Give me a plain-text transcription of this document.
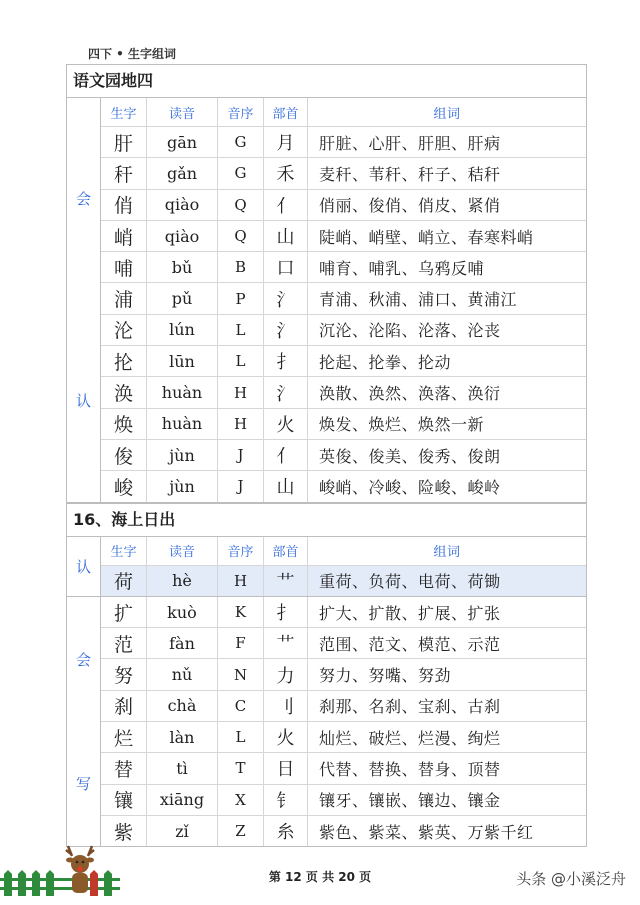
四下 • 生字组词
语文园地四
会
认
生字	读音	音序	部首	组词
肝	gān	G	月	肝脏、心肝、肝胆、肝病
秆	gǎn	G	禾	麦秆、苇秆、秆子、秸秆
俏	qiào	Q	亻	俏丽、俊俏、俏皮、紧俏
峭	qiào	Q	山	陡峭、峭壁、峭立、春寒料峭
哺	bǔ	B	口	哺育、哺乳、乌鸦反哺
浦	pǔ	P	氵	青浦、秋浦、浦口、黄浦江
沦	lún	L	氵	沉沦、沦陷、沦落、沦丧
抡	lūn	L	扌	抡起、抡拳、抡动
涣	huàn	H	氵	涣散、涣然、涣落、涣衍
焕	huàn	H	火	焕发、焕烂、焕然一新
俊	jùn	J	亻	英俊、俊美、俊秀、俊朗
峻	jùn	J	山	峻峭、冷峻、险峻、峻岭
16、海上日出
认
生字	读音	音序	部首	组词
荷	hè	H	艹	重荷、负荷、电荷、荷锄
会
写
扩	kuò	K	扌	扩大、扩散、扩展、扩张
范	fàn	F	艹	范围、范文、模范、示范
努	nǔ	N	力	努力、努嘴、努劲
刹	chà	C	刂	刹那、名刹、宝刹、古刹
烂	làn	L	火	灿烂、破烂、烂漫、绚烂
替	tì	T	日	代替、替换、替身、顶替
镶	xiāng	X	钅	镶牙、镶嵌、镶边、镶金
紫	zǐ	Z	糸	紫色、紫菜、紫英、万紫千红
第 12 页 共 20 页	头条 @小溪泛舟
